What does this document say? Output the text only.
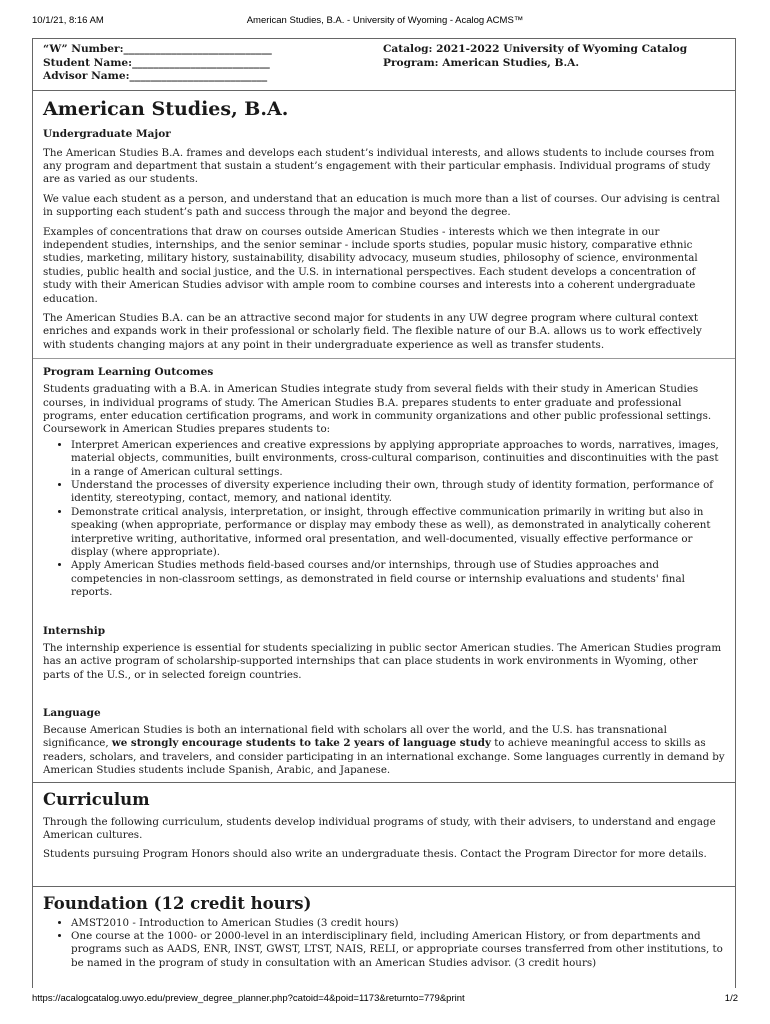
10/1/21, 8:16 AM	American Studies, B.A. - University of Wyoming - Acalog ACMS™
“W” Number:____________________________
Student Name:__________________________
Advisor Name:__________________________
Catalog: 2021-2022 University of Wyoming Catalog
Program: American Studies, B.A.
American Studies, B.A.
Undergraduate Major

The American Studies B.A. frames and develops each student’s individual interests, and allows students to include courses from any program and department that sustain a student’s engagement with their particular emphasis. Individual programs of study are as varied as our students.

We value each student as a person, and understand that an education is much more than a list of courses. Our advising is central in supporting each student’s path and success through the major and beyond the degree.

Examples of concentrations that draw on courses outside American Studies - interests which we then integrate in our independent studies, internships, and the senior seminar - include sports studies, popular music history, comparative ethnic studies, marketing, military history, sustainability, disability advocacy, museum studies, philosophy of science, environmental studies, public health and social justice, and the U.S. in international perspectives. Each student develops a concentration of study with their American Studies advisor with ample room to combine courses and interests into a coherent undergraduate education.

The American Studies B.A. can be an attractive second major for students in any UW degree program where cultural context enriches and expands work in their professional or scholarly field. The flexible nature of our B.A. allows us to work effectively with students changing majors at any point in their undergraduate experience as well as transfer students.

Program Learning Outcomes

Students graduating with a B.A. in American Studies integrate study from several fields with their study in American Studies courses, in individual programs of study. The American Studies B.A. prepares students to enter graduate and professional programs, enter education certification programs, and work in community organizations and other public professional settings. Coursework in American Studies prepares students to:

• Interpret American experiences and creative expressions by applying appropriate approaches to words, narratives, images, material objects, communities, built environments, cross-cultural comparison, continuities and discontinuities with the past in a range of American cultural settings.
• Understand the processes of diversity experience including their own, through study of identity formation, performance of identity, stereotyping, contact, memory, and national identity.
• Demonstrate critical analysis, interpretation, or insight, through effective communication primarily in writing but also in speaking (when appropriate, performance or display may embody these as well), as demonstrated in analytically coherent interpretive writing, authoritative, informed oral presentation, and well-documented, visually effective performance or display (where appropriate).
• Apply American Studies methods field-based courses and/or internships, through use of Studies approaches and competencies in non-classroom settings, as demonstrated in field course or internship evaluations and students' final reports.
Internship

The internship experience is essential for students specializing in public sector American studies. The American Studies program has an active program of scholarship-supported internships that can place students in work environments in Wyoming, other parts of the U.S., or in selected foreign countries.

Language

Because American Studies is both an international field with scholars all over the world, and the U.S. has transnational significance, we strongly encourage students to take 2 years of language study to achieve meaningful access to skills as readers, scholars, and travelers, and consider participating in an international exchange. Some languages currently in demand by American Studies students include Spanish, Arabic, and Japanese.

Curriculum

Through the following curriculum, students develop individual programs of study, with their advisers, to understand and engage American cultures.

Students pursuing Program Honors should also write an undergraduate thesis. Contact the Program Director for more details.

Foundation (12 credit hours)
• AMST2010 - Introduction to American Studies (3 credit hours)
• One course at the 1000- or 2000-level in an interdisciplinary field, including American History, or from departments and programs such as AADS, ENR, INST, GWST, LTST, NAIS, RELI, or appropriate courses transferred from other institutions, to be named in the program of study in consultation with an American Studies advisor. (3 credit hours)
https://acalogcatalog.uwyo.edu/preview_degree_planner.php?catoid=4&poid=1173&returnto=779&print	1/2
